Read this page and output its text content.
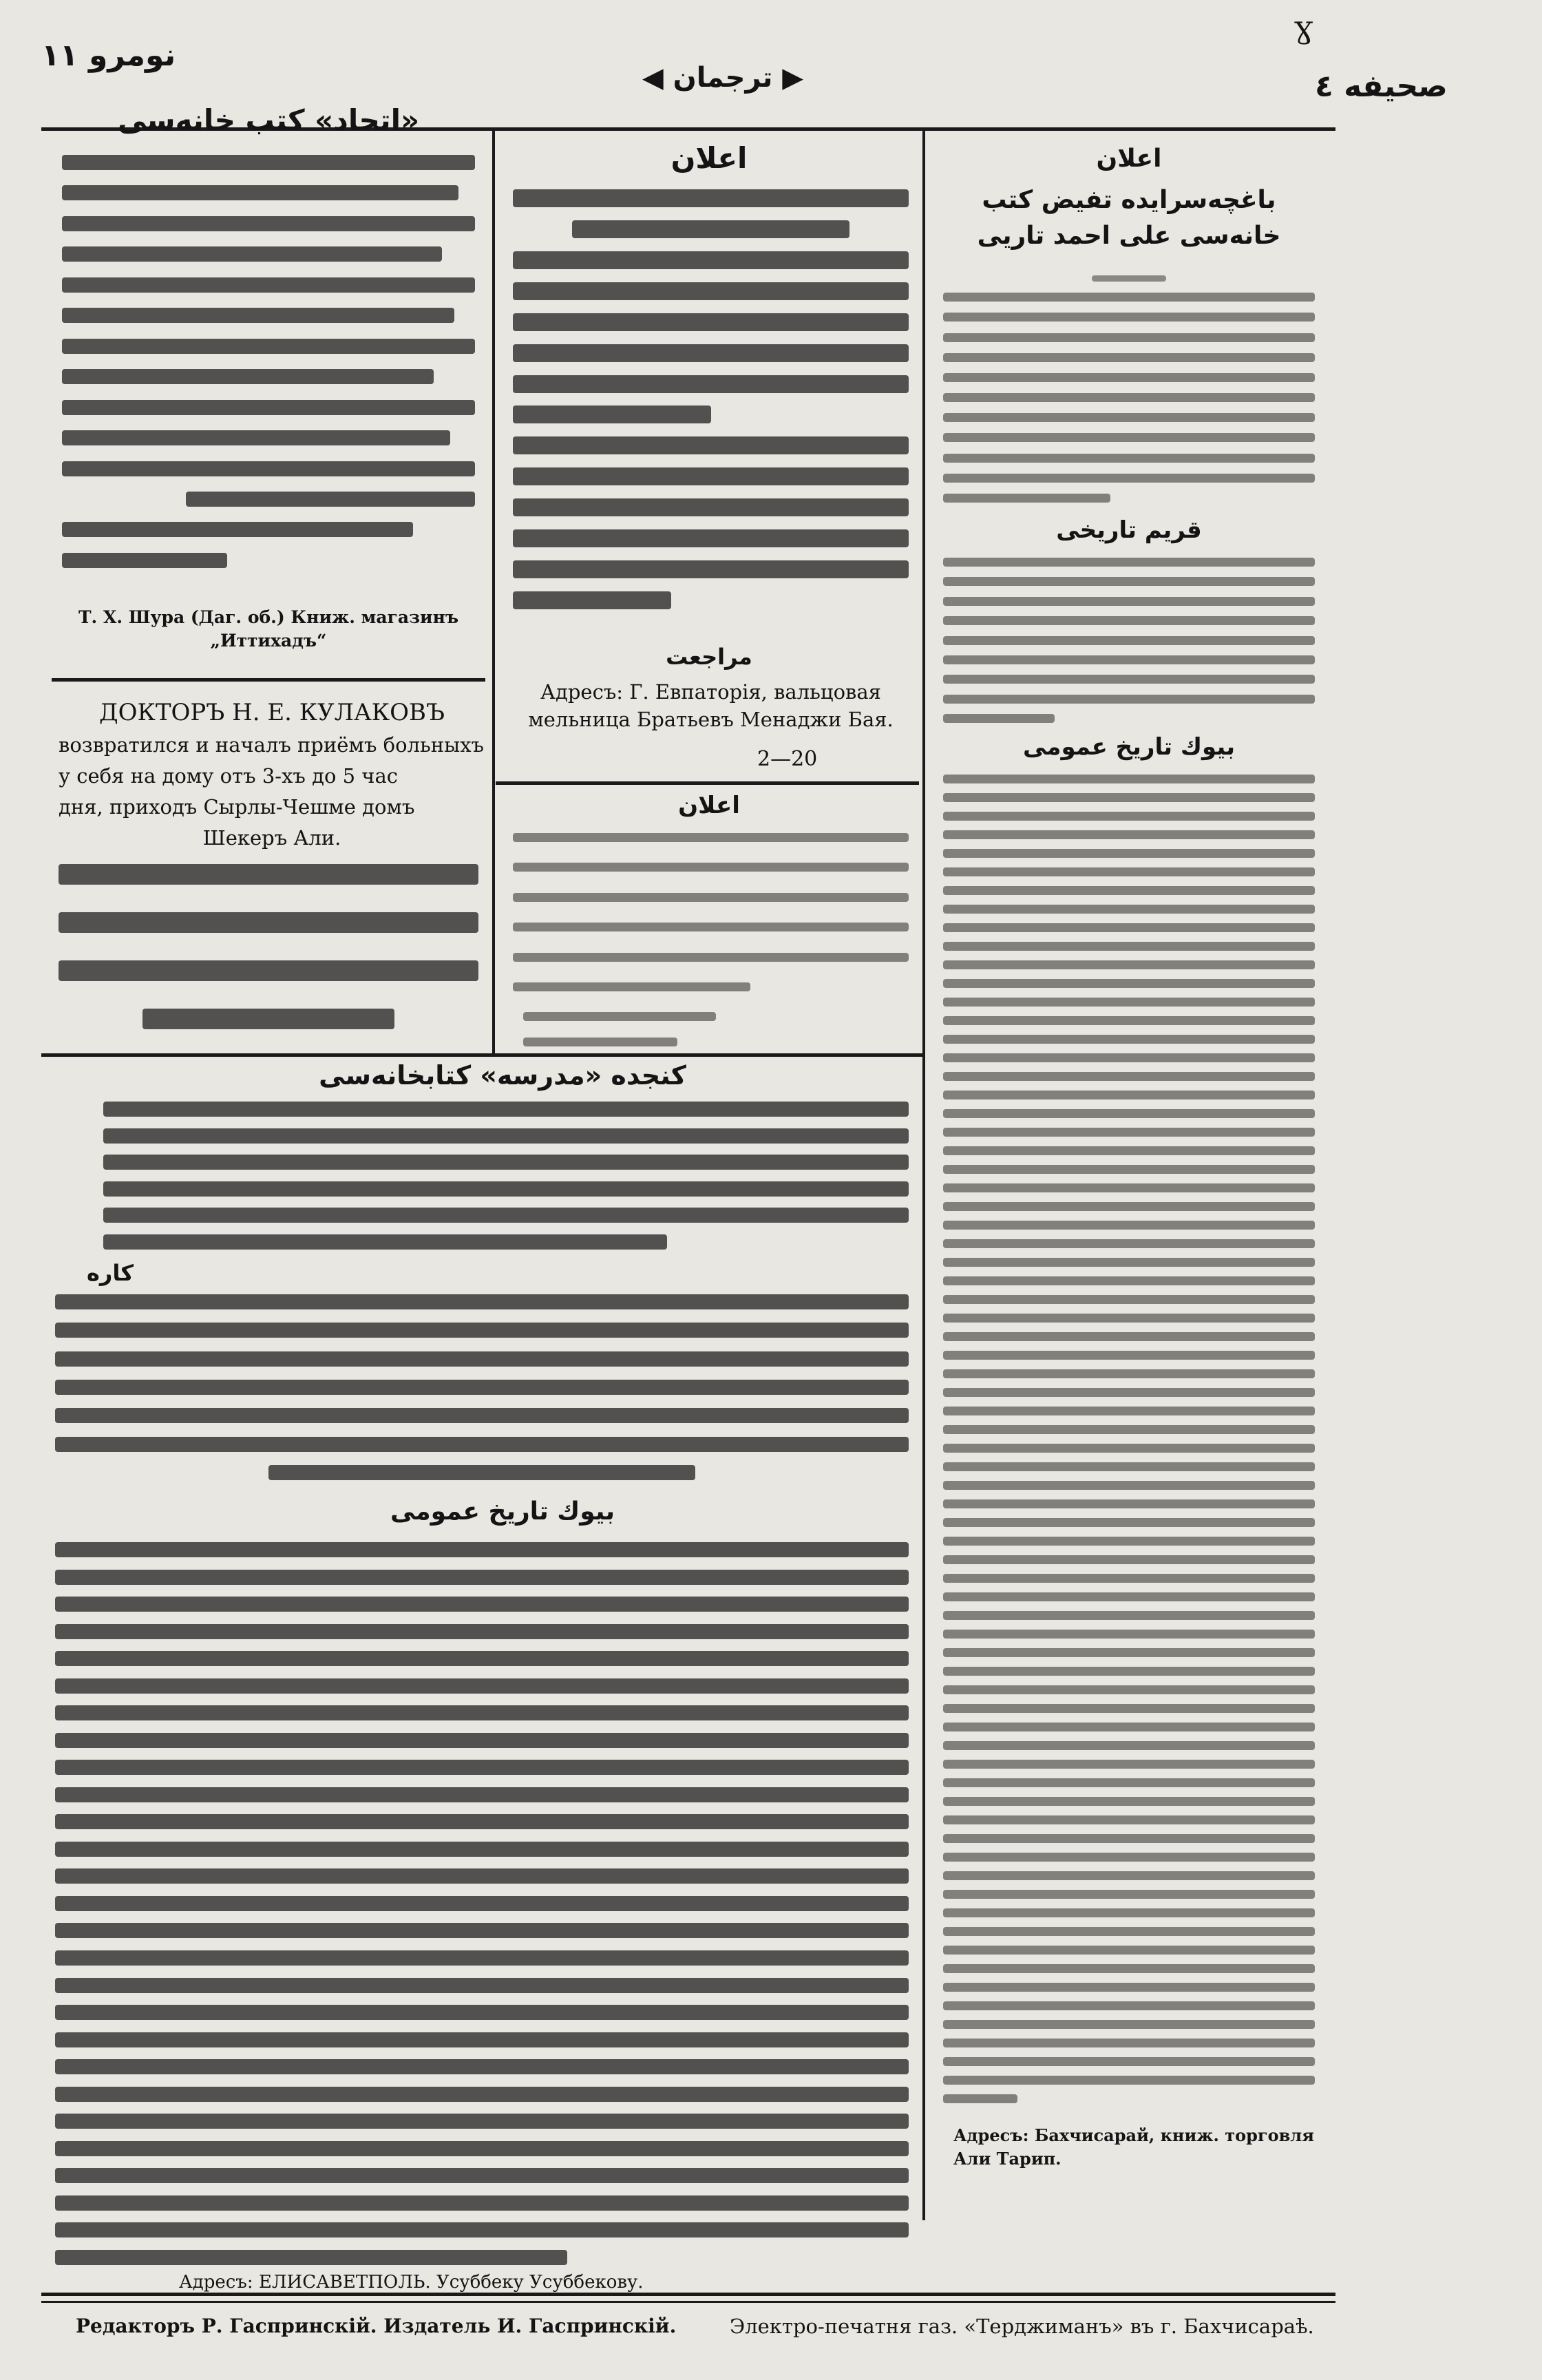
نومرو ١١
◀ ترجمان ▶	صحيفه ٤
Ɣ
«اتحاد» کتب خانه‌سی
Т. Х. Шура (Даг. об.) Книж. магазинъ „Иттихадъ“
ДОКТОРЪ Н. Е. КУЛАКОВЪ
возвратился и началъ приёмъ больныхъ
у себя на дому отъ 3-хъ до 5 час
дня, приходъ Сырлы-Чешме домъ
Шекеръ Али.
اعلان
مراجعت
Адресъ: Г. Евпаторія, вальцовая мельница Братьевъ Менаджи Бая.
2—20
اعلان
اعلان
باغچه‌سرایده تفیض کتب خانه‌سی علی احمد تاریی
قریم تاریخی
بیوك تاریخ عمومی
Адресъ: Бахчисарай, книж. торговля Али Тарип.
کنجده «مدرسه» کتابخانه‌سی
کاره
بیوك تاریخ عمومی
Адресъ: ЕЛИСАВЕТПОЛЬ. Усуббеку Усуббекову.
Редакторъ Р. Гаспринскій. Издатель И. Гаспринскій.	Электро-печатня газ. «Терджиманъ» въ г. Бахчисараѣ.
